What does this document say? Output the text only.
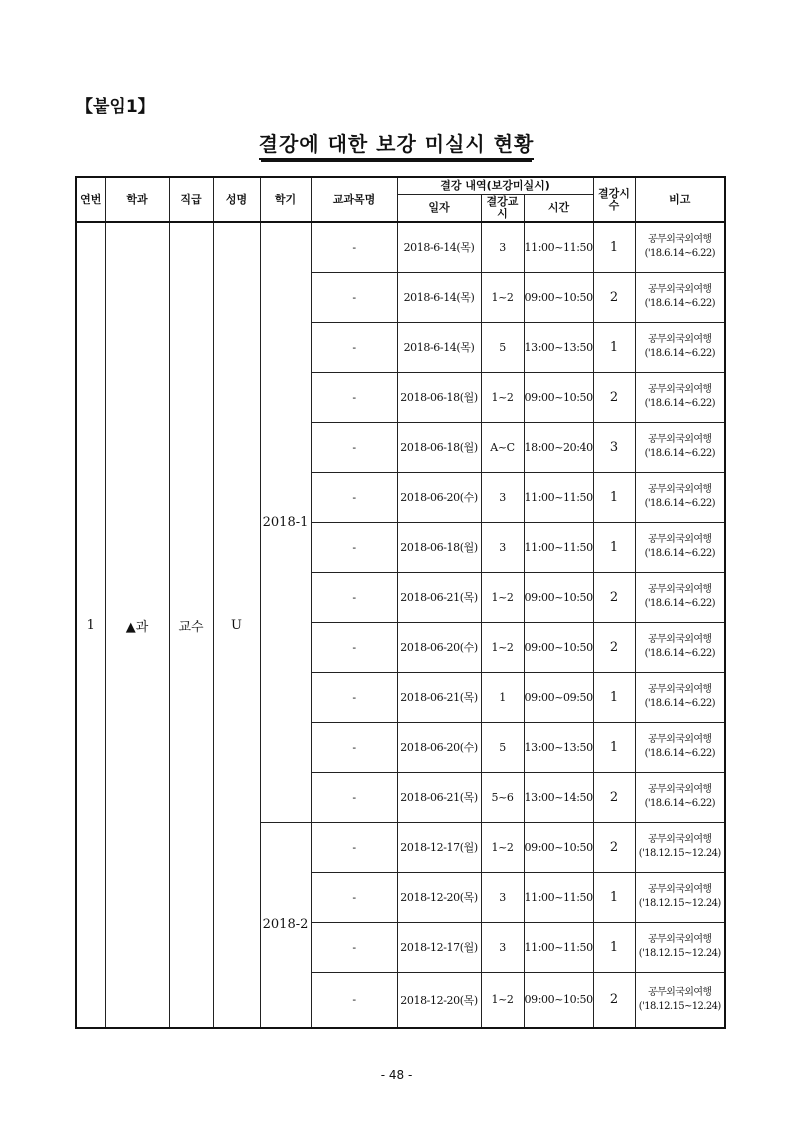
【붙임1】
결강에 대한 보강 미실시 현황
연번	학과	직급	성명	학기	교과목명	결강 내역(보강미실시)			결강시수	비고
						일자	결강교시	시간		
1	▲과	교수	U	2018-1	-	2018-6-14(목)	3	11:00~11:50	1	공무외국외여행
('18.6.14~6.22)

					-	2018-6-14(목)	1~2	09:00~10:50	2	공무외국외여행
('18.6.14~6.22)

					-	2018-6-14(목)	5	13:00~13:50	1	공무외국외여행
('18.6.14~6.22)

					-	2018-06-18(월)	1~2	09:00~10:50	2	공무외국외여행
('18.6.14~6.22)

					-	2018-06-18(월)	A~C	18:00~20:40	3	공무외국외여행
('18.6.14~6.22)

					-	2018-06-20(수)	3	11:00~11:50	1	공무외국외여행
('18.6.14~6.22)

					-	2018-06-18(월)	3	11:00~11:50	1	공무외국외여행
('18.6.14~6.22)

					-	2018-06-21(목)	1~2	09:00~10:50	2	공무외국외여행
('18.6.14~6.22)

					-	2018-06-20(수)	1~2	09:00~10:50	2	공무외국외여행
('18.6.14~6.22)

					-	2018-06-21(목)	1	09:00~09:50	1	공무외국외여행
('18.6.14~6.22)

					-	2018-06-20(수)	5	13:00~13:50	1	공무외국외여행
('18.6.14~6.22)

					-	2018-06-21(목)	5~6	13:00~14:50	2	공무외국외여행
('18.6.14~6.22)

				2018-2	-	2018-12-17(월)	1~2	09:00~10:50	2	공무외국외여행
('18.12.15~12.24)

					-	2018-12-20(목)	3	11:00~11:50	1	공무외국외여행
('18.12.15~12.24)

					-	2018-12-17(월)	3	11:00~11:50	1	공무외국외여행
('18.12.15~12.24)

					-	2018-12-20(목)	1~2	09:00~10:50	2	공무외국외여행
('18.12.15~12.24)
- 48 -
